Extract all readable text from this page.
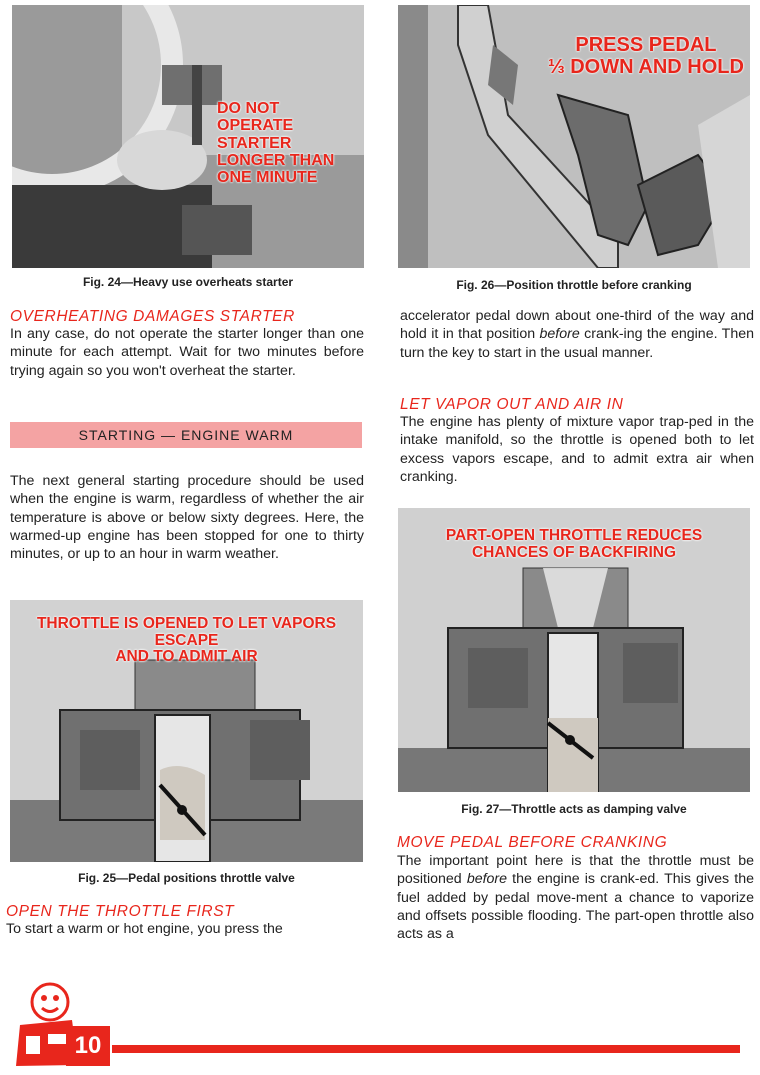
DO NOT
OPERATE STARTER
LONGER THAN
ONE MINUTE
Fig. 24—Heavy use overheats starter
PRESS PEDAL
⅓ DOWN AND HOLD
Fig. 26—Position throttle before cranking
OVERHEATING DAMAGES STARTER
In any case, do not operate the starter longer than one minute for each attempt. Wait for two minutes before trying again so you won't overheat the starter.
STARTING — ENGINE WARM
The next general starting procedure should be used when the engine is warm, regardless of whether the air temperature is above or below sixty degrees. Here, the warmed-up engine has been stopped for one to thirty minutes, or up to an hour in warm weather.
THROTTLE IS OPENED TO LET VAPORS ESCAPE
AND TO ADMIT AIR
Fig. 25—Pedal positions throttle valve
OPEN THE THROTTLE FIRST
To start a warm or hot engine, you press the
accelerator pedal down about one-third of the way and hold it in that position before crank-ing the engine. Then turn the key to start in the usual manner.
LET VAPOR OUT AND AIR IN
The engine has plenty of mixture vapor trap-ped in the intake manifold, so the throttle is opened both to let excess vapors escape, and to admit extra air when cranking.
PART-OPEN THROTTLE REDUCES
CHANCES OF BACKFIRING
Fig. 27—Throttle acts as damping valve
MOVE PEDAL BEFORE CRANKING
The important point here is that the throttle must be positioned before the engine is crank-ed. This gives the fuel added by pedal move-ment a chance to vaporize and offsets possible flooding. The part-open throttle also acts as a
10
